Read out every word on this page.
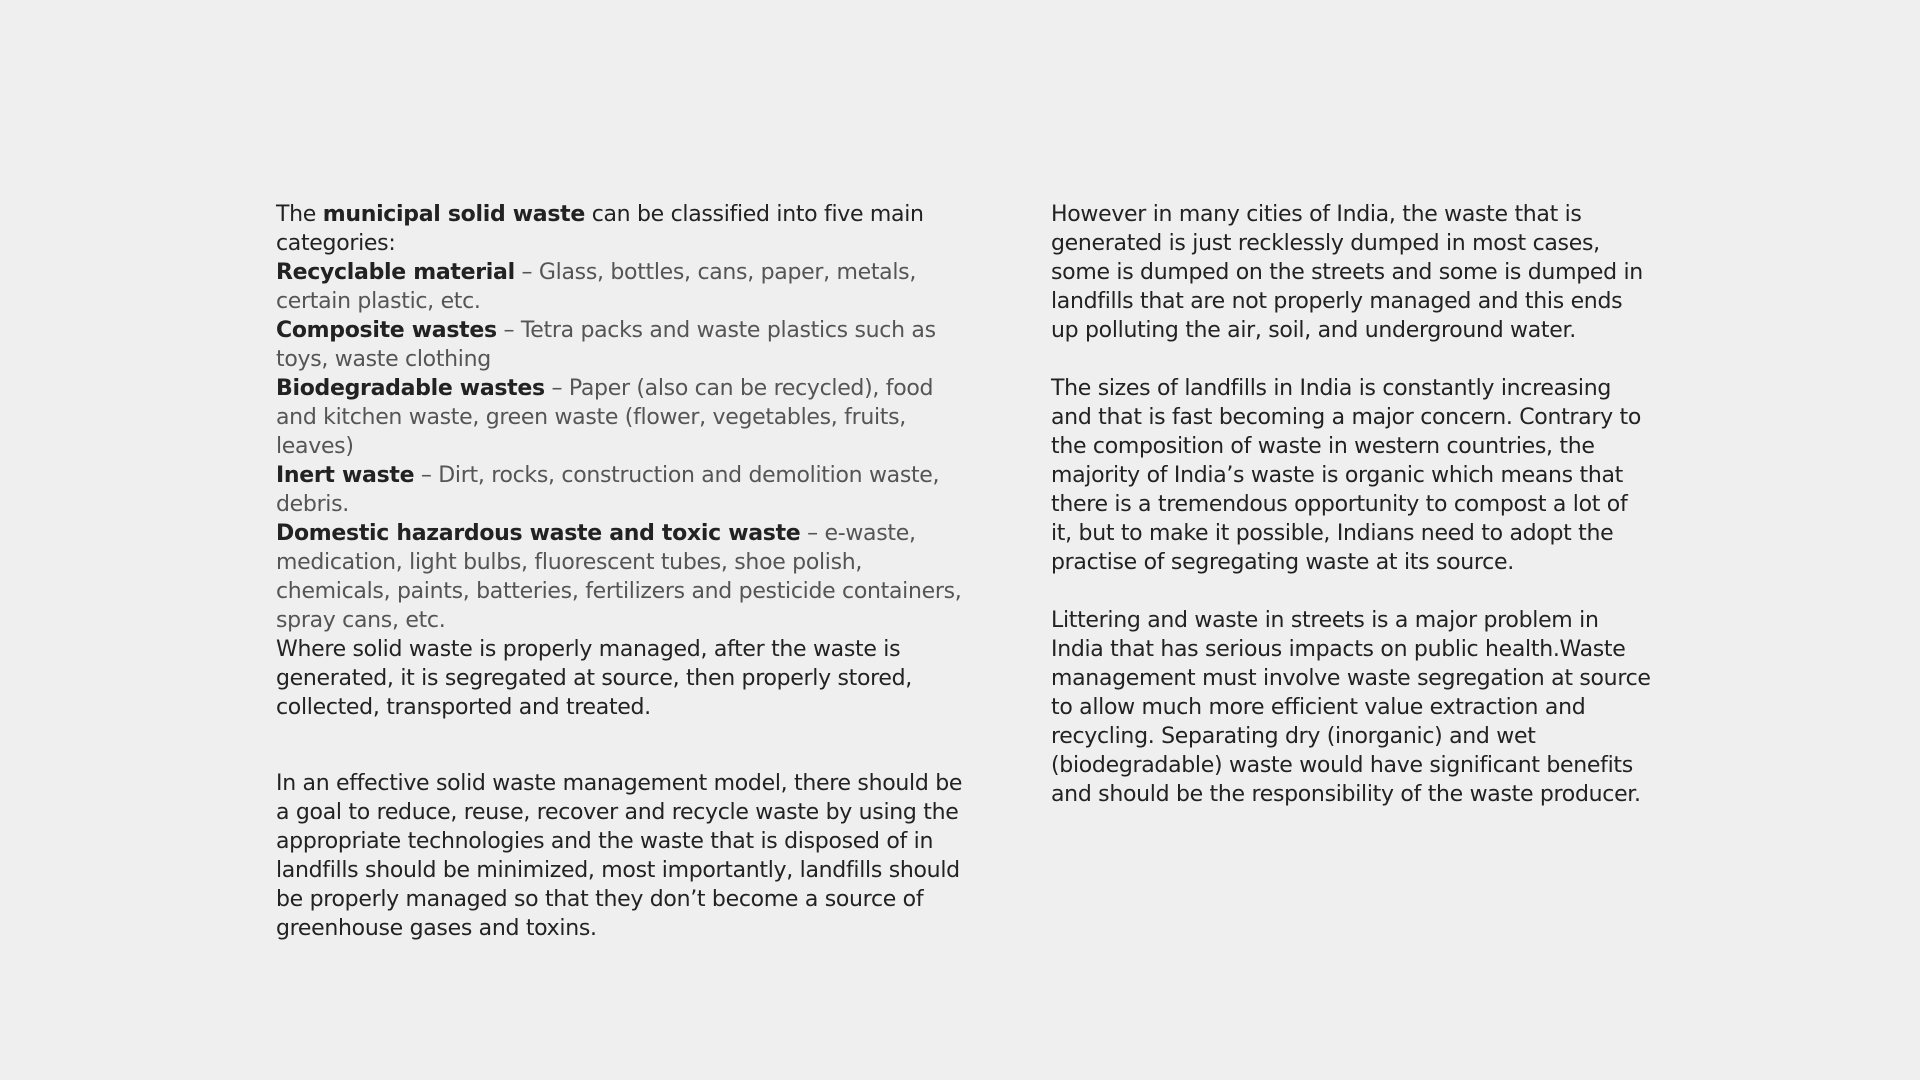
The municipal solid waste can be classified into five main categories:

Recyclable material – Glass, bottles, cans, paper, metals, certain plastic, etc.

Composite wastes – Tetra packs and waste plastics such as toys, waste clothing

Biodegradable wastes – Paper (also can be recycled), food and kitchen waste, green waste (flower, vegetables, fruits, leaves)

Inert waste – Dirt, rocks, construction and demolition waste, debris.

Domestic hazardous waste and toxic waste – e-waste, medication, light bulbs, fluorescent tubes, shoe polish, chemicals, paints, batteries, fertilizers and pesticide containers, spray cans, etc.

Where solid waste is properly managed, after the waste is generated, it is segregated at source, then properly stored, collected, transported and treated.

In an effective solid waste management model, there should be a goal to reduce, reuse, recover and recycle waste by using the appropriate technologies and the waste that is disposed of in landfills should be minimized, most importantly, landfills should be properly managed so that they don’t become a source of greenhouse gases and toxins.

However in many cities of India, the waste that is generated is just recklessly dumped in most cases, some is dumped on the streets and some is dumped in landfills that are not properly managed and this ends up polluting the air, soil, and underground water.

The sizes of landfills in India is constantly increasing and that is fast becoming a major concern. Contrary to the composition of waste in western countries, the majority of India’s waste is organic which means that there is a tremendous opportunity to compost a lot of it, but to make it possible, Indians need to adopt the practise of segregating waste at its source.

Littering and waste in streets is a major problem in India that has serious impacts on public health.Waste management must involve waste segregation at source to allow much more efficient value extraction and recycling. Separating dry (inorganic) and wet (biodegradable) waste would have significant benefits and should be the responsibility of the waste producer.
